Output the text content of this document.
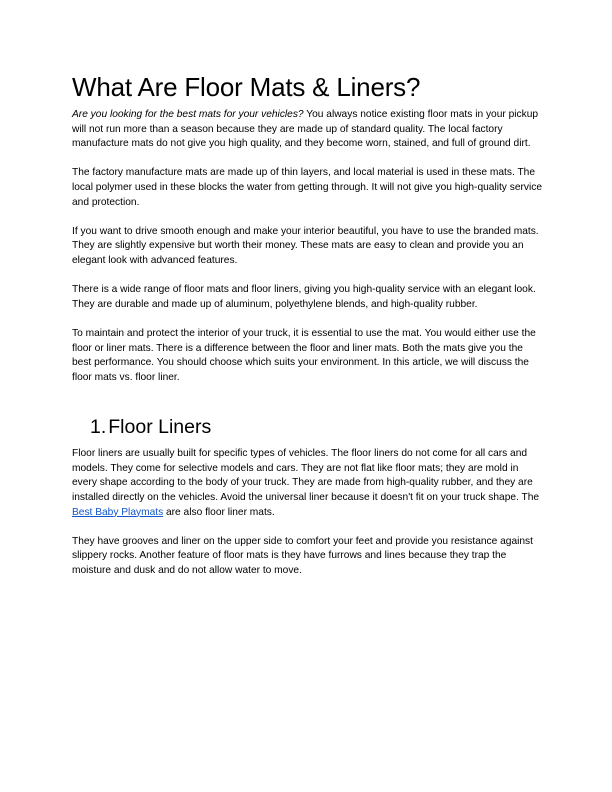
What Are Floor Mats & Liners?

Are you looking for the best mats for your vehicles? You always notice existing floor mats in your pickup will not run more than a season because they are made up of standard quality. The local factory manufacture mats do not give you high quality, and they become worn, stained, and full of ground dirt.

The factory manufacture mats are made up of thin layers, and local material is used in these mats. The local polymer used in these blocks the water from getting through. It will not give you high-quality service and protection.

If you want to drive smooth enough and make your interior beautiful, you have to use the branded mats. They are slightly expensive but worth their money. These mats are easy to clean and provide you an elegant look with advanced features.

There is a wide range of floor mats and floor liners, giving you high-quality service with an elegant look. They are durable and made up of aluminum, polyethylene blends, and high-quality rubber.

To maintain and protect the interior of your truck, it is essential to use the mat. You would either use the floor or liner mats. There is a difference between the floor and liner mats. Both the mats give you the best performance. You should choose which suits your environment. In this article, we will discuss the floor mats vs. floor liner.

1. Floor Liners

Floor liners are usually built for specific types of vehicles. The floor liners do not come for all cars and models. They come for selective models and cars. They are not flat like floor mats; they are mold in every shape according to the body of your truck. They are made from high-quality rubber, and they are installed directly on the vehicles. Avoid the universal liner because it doesn't fit on your truck shape. The Best Baby Playmats are also floor liner mats.

They have grooves and liner on the upper side to comfort your feet and provide you resistance against slippery rocks. Another feature of floor mats is they have furrows and lines because they trap the moisture and dusk and do not allow water to move.
